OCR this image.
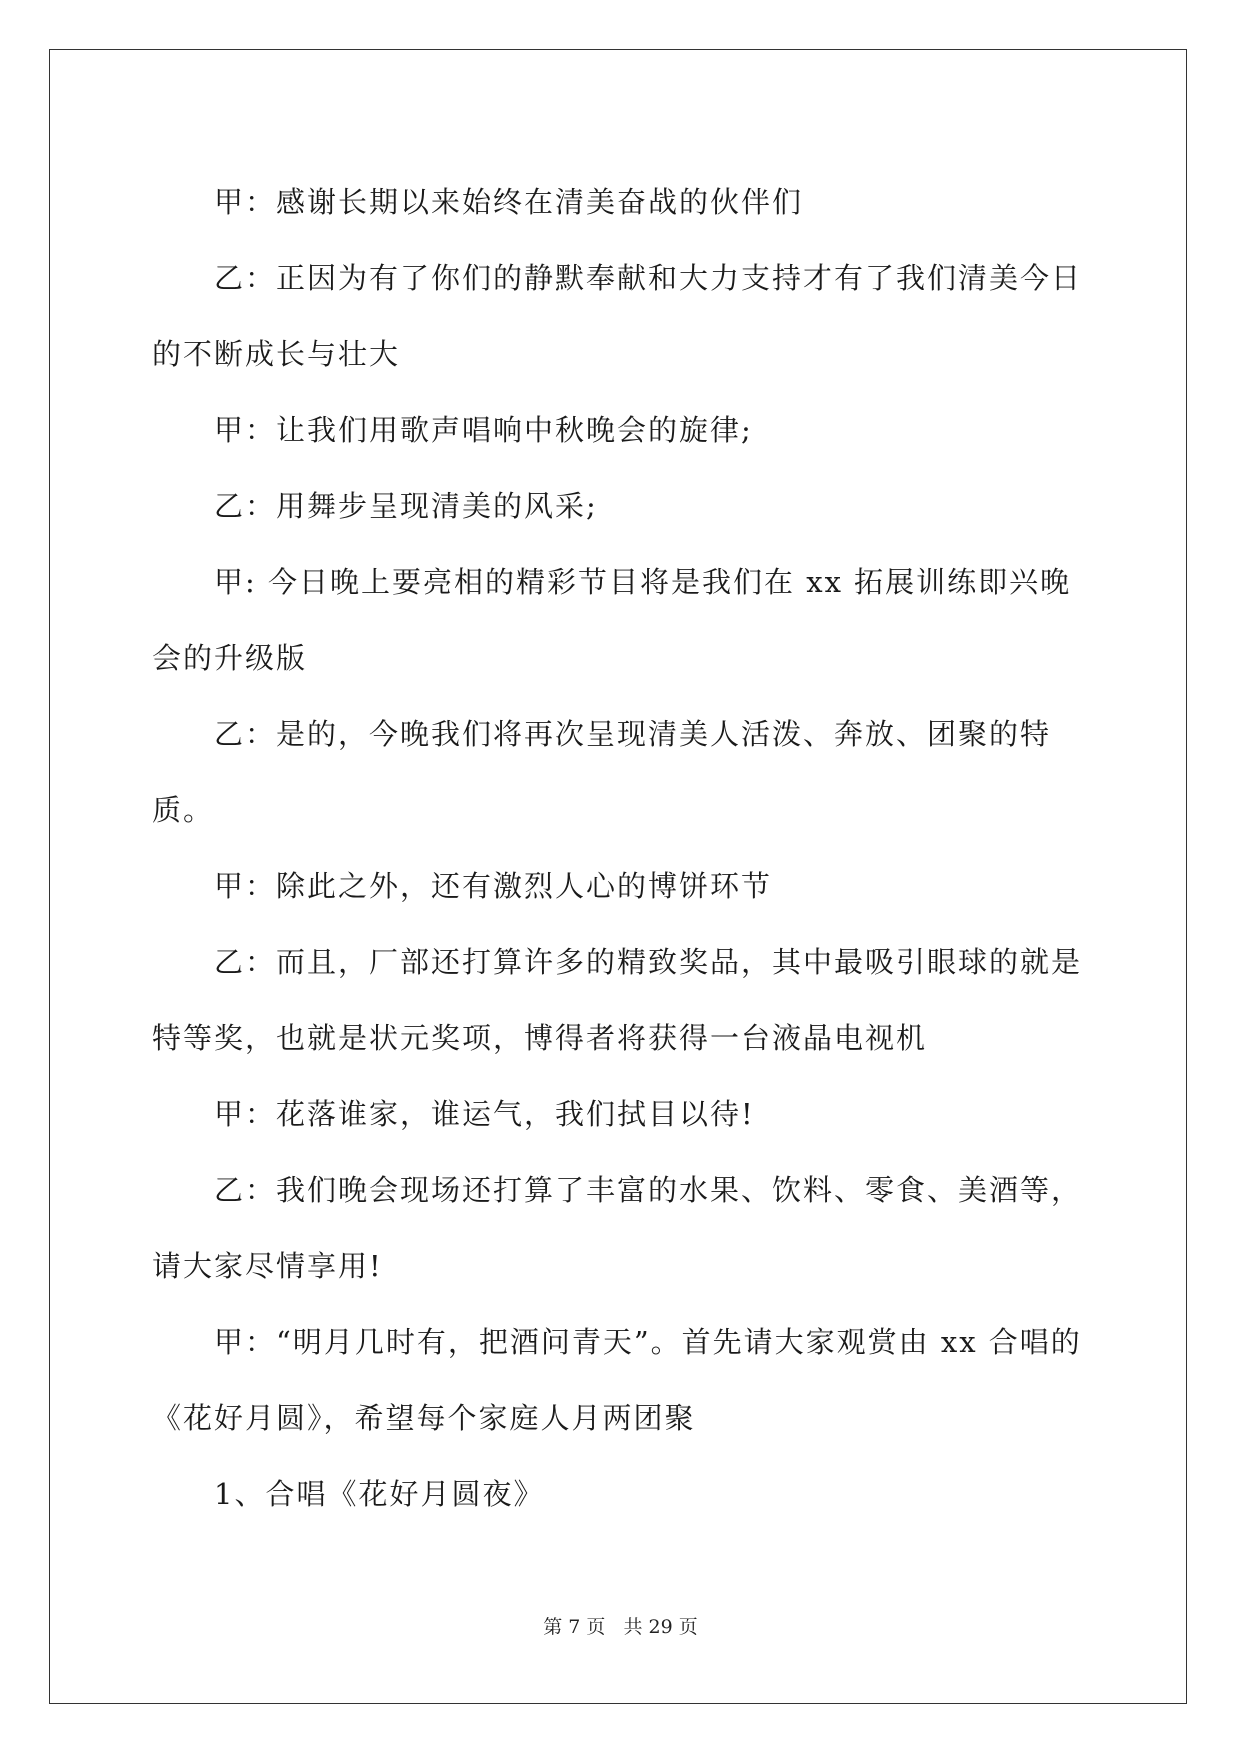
甲：感谢长期以来始终在清美奋战的伙伴们

乙：正因为有了你们的静默奉献和大力支持才有了我们清美今日的不断成长与壮大

甲：让我们用歌声唱响中秋晚会的旋律;

乙：用舞步呈现清美的风采;

甲: 今日晚上要亮相的精彩节目将是我们在 xx 拓展训练即兴晚会的升级版

乙：是的，今晚我们将再次呈现清美人活泼、奔放、团聚的特质。

甲：除此之外，还有激烈人心的博饼环节

乙：而且，厂部还打算许多的精致奖品，其中最吸引眼球的就是特等奖，也就是状元奖项，博得者将获得一台液晶电视机

甲：花落谁家，谁运气，我们拭目以待!

乙：我们晚会现场还打算了丰富的水果、饮料、零食、美酒等，请大家尽情享用!

甲：“明月几时有，把酒问青天”。首先请大家观赏由 xx 合唱的《花好月圆》，希望每个家庭人月两团聚

1、合唱《花好月圆夜》

第 7 页 共 29 页
